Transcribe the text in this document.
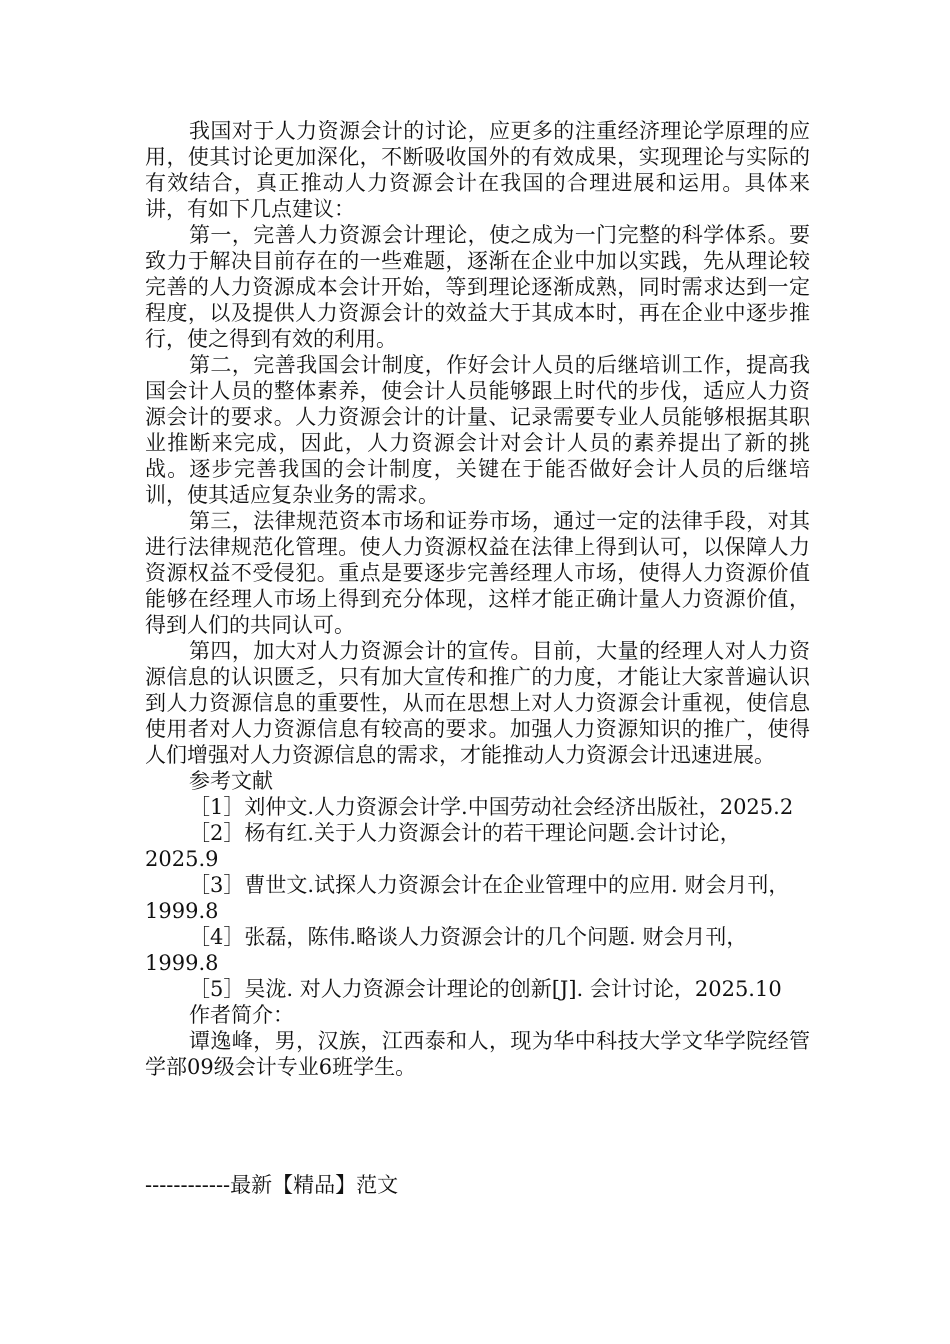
我国对于人力资源会计的讨论，应更多的注重经济理论学原理的应用，使其讨论更加深化，不断吸收国外的有效成果，实现理论与实际的有效结合，真正推动人力资源会计在我国的合理进展和运用。具体来讲，有如下几点建议：

第一，完善人力资源会计理论，使之成为一门完整的科学体系。要致力于解决目前存在的一些难题，逐渐在企业中加以实践，先从理论较完善的人力资源成本会计开始，等到理论逐渐成熟，同时需求达到一定程度，以及提供人力资源会计的效益大于其成本时，再在企业中逐步推行，使之得到有效的利用。

第二，完善我国会计制度，作好会计人员的后继培训工作，提高我国会计人员的整体素养，使会计人员能够跟上时代的步伐，适应人力资源会计的要求。人力资源会计的计量、记录需要专业人员能够根据其职业推断来完成，因此，人力资源会计对会计人员的素养提出了新的挑战。逐步完善我国的会计制度，关键在于能否做好会计人员的后继培训，使其适应复杂业务的需求。

第三，法律规范资本市场和证券市场，通过一定的法律手段，对其进行法律规范化管理。使人力资源权益在法律上得到认可，以保障人力资源权益不受侵犯。重点是要逐步完善经理人市场，使得人力资源价值能够在经理人市场上得到充分体现，这样才能正确计量人力资源价值，得到人们的共同认可。

第四，加大对人力资源会计的宣传。目前，大量的经理人对人力资源信息的认识匮乏，只有加大宣传和推广的力度，才能让大家普遍认识到人力资源信息的重要性，从而在思想上对人力资源会计重视，使信息使用者对人力资源信息有较高的要求。加强人力资源知识的推广，使得人们增强对人力资源信息的需求，才能推动人力资源会计迅速进展。

参考文献

［1］刘仲文.人力资源会计学.中国劳动社会经济出版社，2025.2

［2］杨有红.关于人力资源会计的若干理论问题.会计讨论，2025.9

［3］曹世文.试探人力资源会计在企业管理中的应用. 财会月刊，1999.8

［4］张磊，陈伟.略谈人力资源会计的几个问题. 财会月刊，1999.8

［5］吴泷. 对人力资源会计理论的创新[J]. 会计讨论，2025.10

作者简介：

谭逸峰，男，汉族，江西泰和人，现为华中科技大学文华学院经管学部09级会计专业6班学生。

------------最新【精品】范文
